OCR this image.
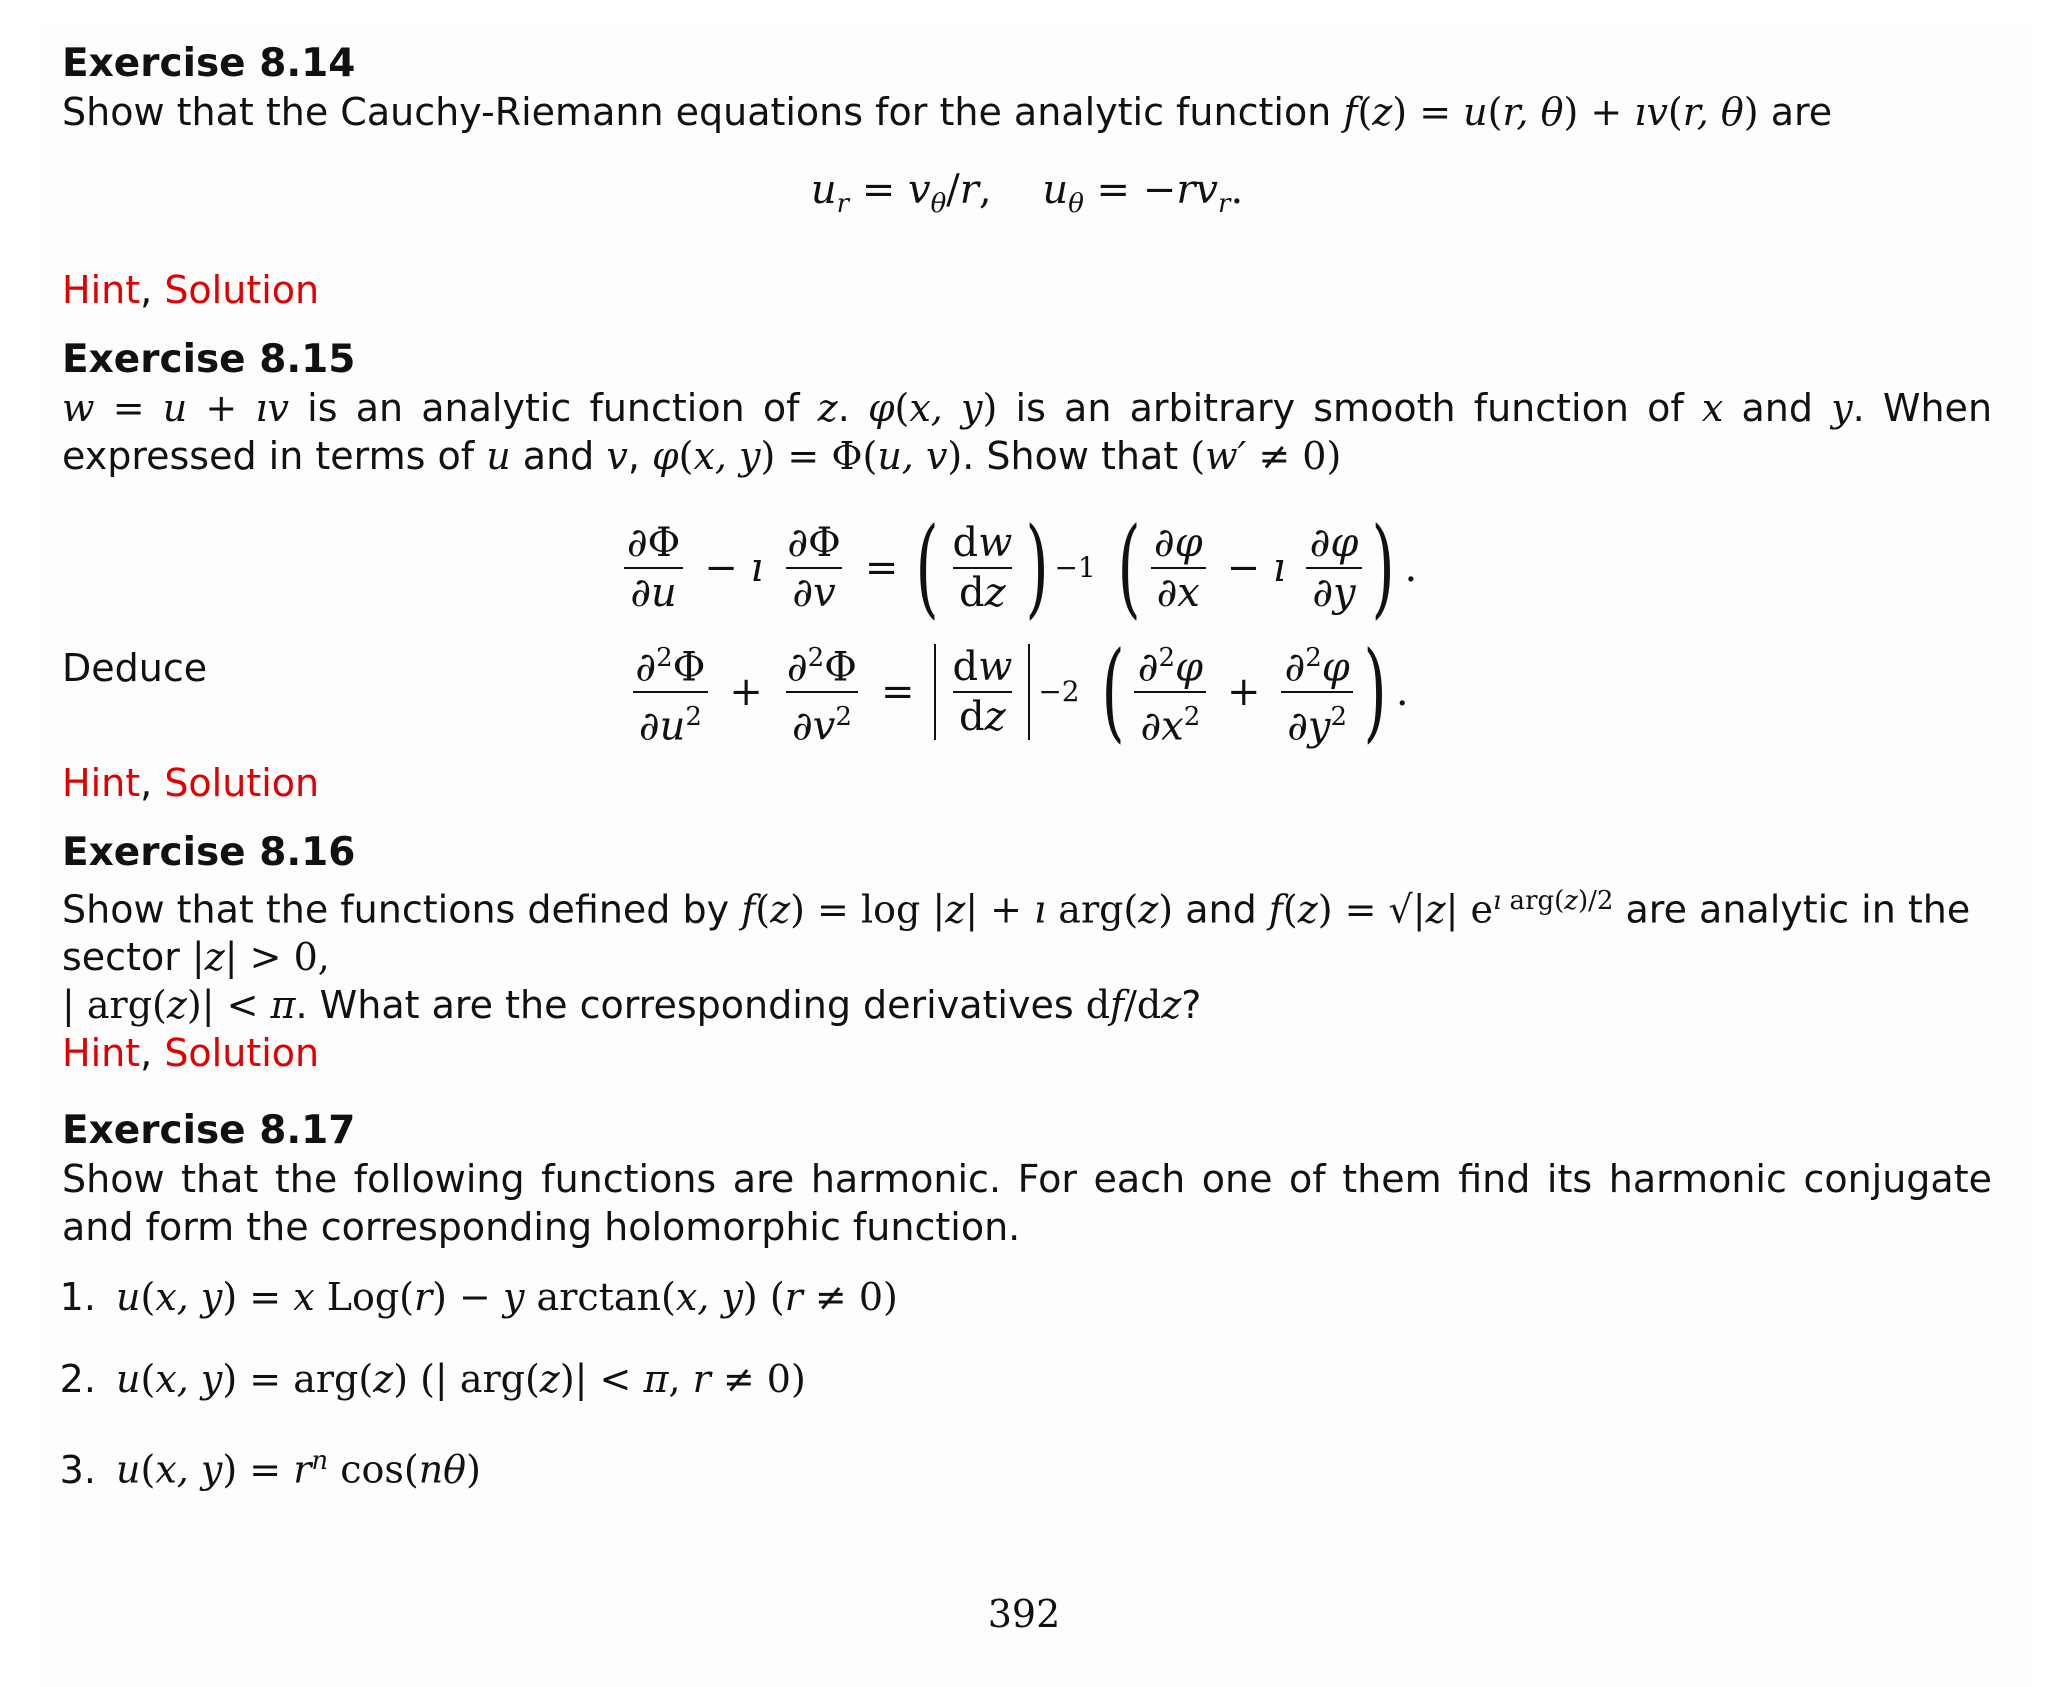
Exercise 8.14

Show that the Cauchy-Riemann equations for the analytic function f(z) = u(r, θ) + ıv(r, θ) are

$u_r = v_\theta/r$,    $u_\theta = -rv_r$.

Hint, Solution

Exercise 8.15

w = u + ıv is an analytic function of z. φ(x, y) is an arbitrary smooth function of x and y. When expressed in terms of u and v, φ(x, y) = Φ(u, v). Show that (w′ ≠ 0)

$\frac{\partial\Phi}{\partial u}$ − ı $\frac{\partial\Phi}{\partial v}$ = ( $\frac{dw}{dz}$ ) −1 ( $\frac{\partial\varphi}{\partial x}$ − ı $\frac{\partial\varphi}{\partial y}$ ) .
Deduce	$\frac{\partial^2\Phi}{\partial u^2} + \frac{\partial^2\Phi}{\partial v^2} = \frac{dw}{dz} -2$ ( $\frac{\partial^2\varphi}{\partial x^2} + \frac{\partial^2\varphi}{\partial y^2}$ ) .

Hint, Solution

Exercise 8.16

Show that the functions defined by f(z) = log |z| + ı arg(z) and f(z) = √|z| $e^{ı arg(z)/2}$ are analytic in the sector |z| > 0,
| arg(z)| < π. What are the corresponding derivatives df/dz?

Hint, Solution

Exercise 8.17

Show that the following functions are harmonic. For each one of them find its harmonic conjugate and form the corresponding holomorphic function.

1. u(x, y) = x Log(r) − y arctan(x, y) (r ≠ 0)
2. u(x, y) = arg(z) (| arg(z)| < π, r ≠ 0)
3. u(x, $y) = r^n$ cos(nθ)
392
